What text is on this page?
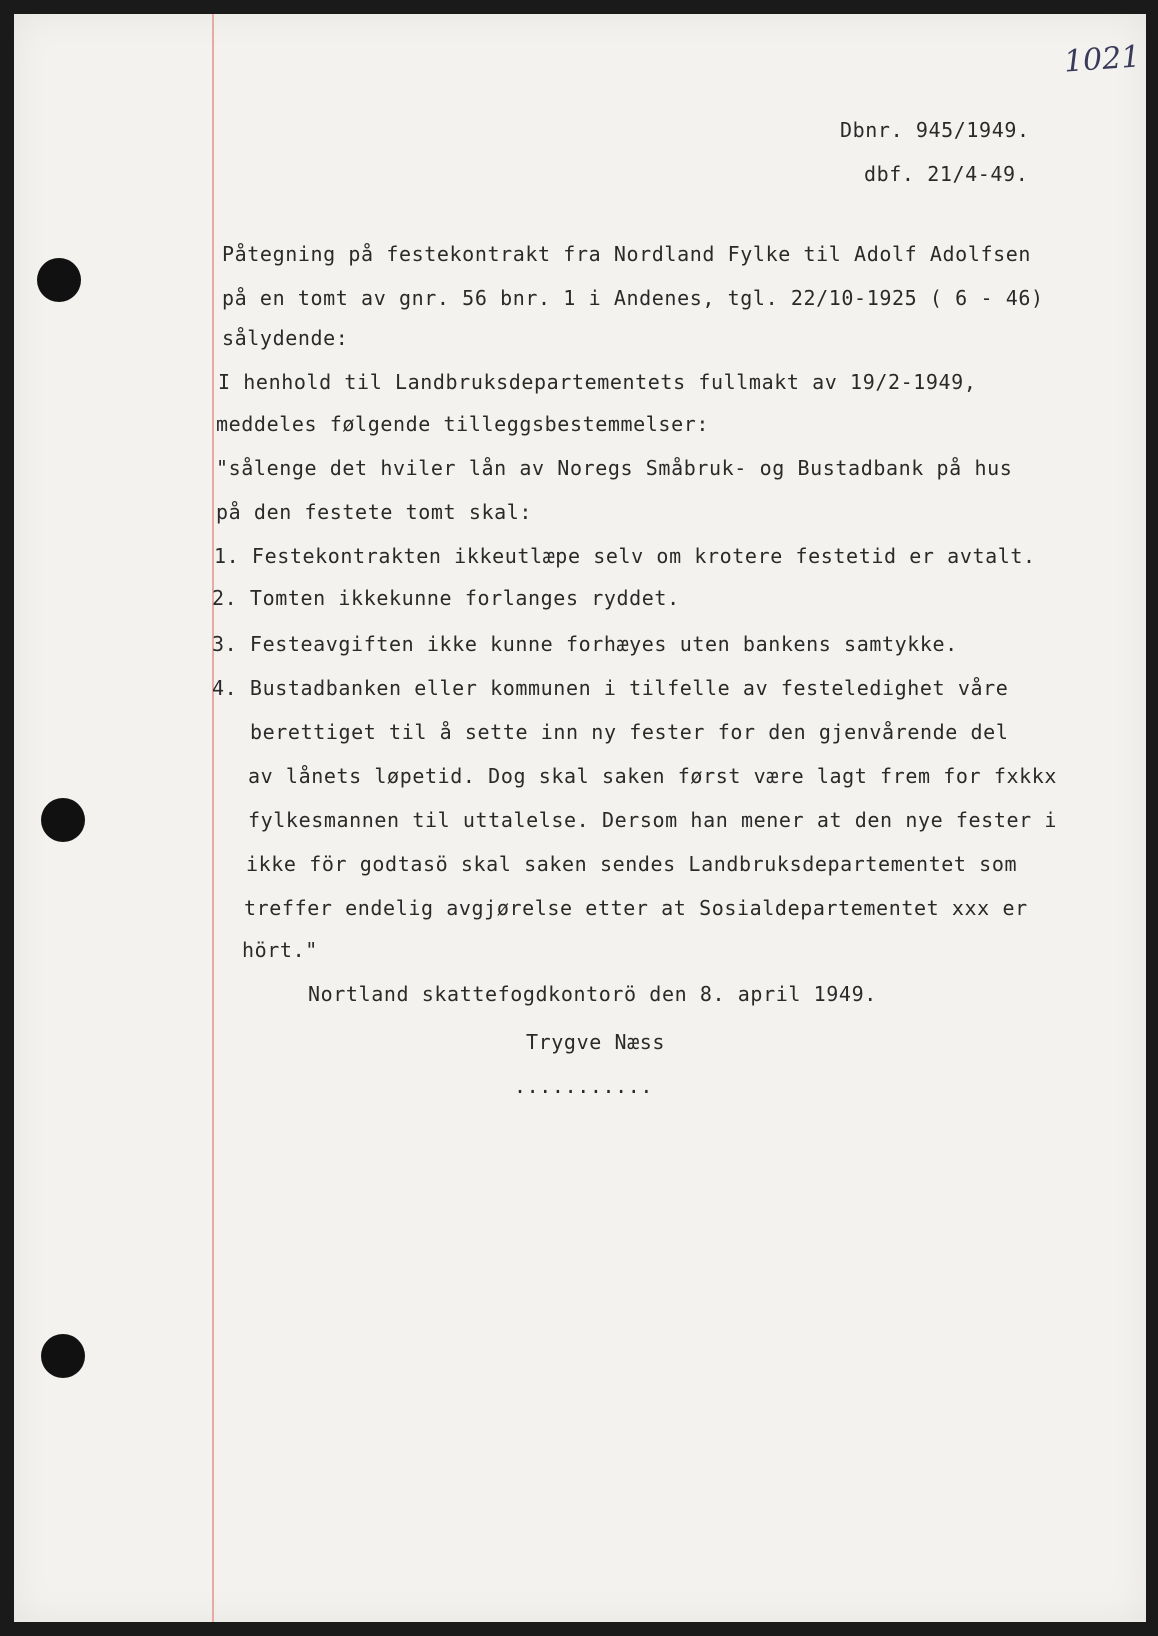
1021
Dbnr. 945/1949.
dbf. 21/4-49.
Påtegning på festekontrakt fra Nordland Fylke til Adolf Adolfsen
på en tomt av gnr. 56 bnr. 1 i Andenes, tgl. 22/10-1925 ( 6 - 46)
sålydende:
I henhold til Landbruksdepartementets fullmakt av 19/2-1949,
meddeles følgende tilleggsbestemmelser:
"sålenge det hviler lån av Noregs Småbruk- og Bustadbank på hus
på den festete tomt skal:
1. Festekontrakten ikkeutlæpe selv om krotere festetid er avtalt.
2. Tomten ikkekunne forlanges ryddet.
3. Festeavgiften ikke kunne forhæyes uten bankens samtykke.
4. Bustadbanken eller kommunen i tilfelle av festeledighet våre
berettiget til å sette inn ny fester for den gjenvårende del
av lånets løpetid. Dog skal saken først være lagt frem for fxkkx
fylkesmannen til uttalelse. Dersom han mener at den nye fester i
ikke för godtasö skal saken sendes Landbruksdepartementet som
treffer endelig avgjørelse etter at Sosialdepartementet xxx er
hört."
Nortland skattefogdkontorö den 8. april 1949.
Trygve Næss
...........
